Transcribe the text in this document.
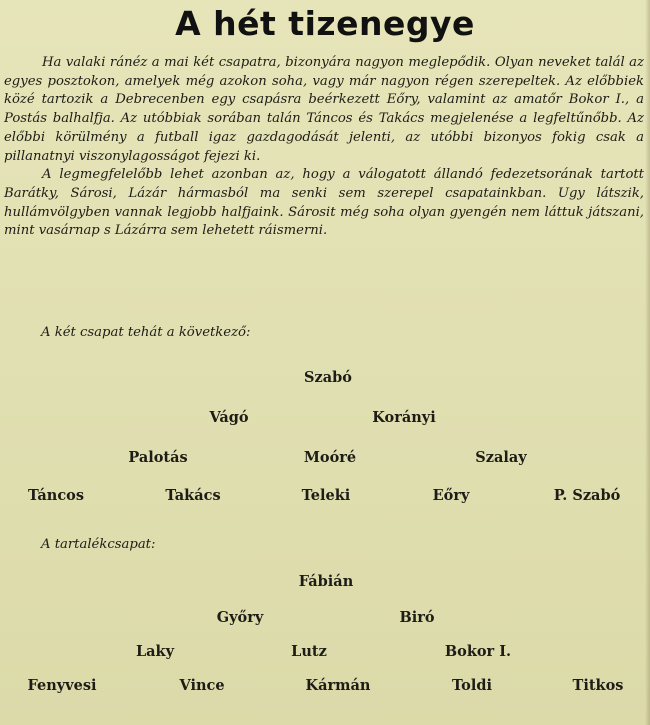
A hét tizenegye

Ha valaki ránéz a mai két csapatra, bizonyára nagyon meglepődik. Olyan neveket talál az egyes posztokon, amelyek még azokon soha, vagy már nagyon régen szerepeltek. Az előbbiek közé tartozik a Debrecenben egy csapásra beérkezett Eőry, valamint az amatőr Bokor I., a Postás balhalfja. Az utóbbiak sorában talán Táncos és Takács megjelenése a legfeltűnőbb. Az előbbi körülmény a futball igaz gazdagodását jelenti, az utóbbi bizonyos fokig csak a pillanatnyi viszonylagosságot fejezi ki.

A legmegfelelőbb lehet azonban az, hogy a válogatott állandó fedezetsorának tartott Barátky, Sárosi, Lázár hármasból ma senki sem szerepel csapatainkban. Ugy látszik, hullámvölgyben vannak legjobb halfjaink. Sárosit még soha olyan gyengén nem láttuk játszani, mint vasárnap s Lázárra sem lehetett ráismerni.

A két csapat tehát a következő:
Szabó
Vágó	Korányi
Palotás	Moóré	Szalay
Táncos	Takács	Teleki	Eőry	P. Szabó
A tartalékcsapat:
Fábián
Győry	Biró
Laky	Lutz	Bokor I.
Fenyvesi	Vince	Kármán	Toldi	Titkos
